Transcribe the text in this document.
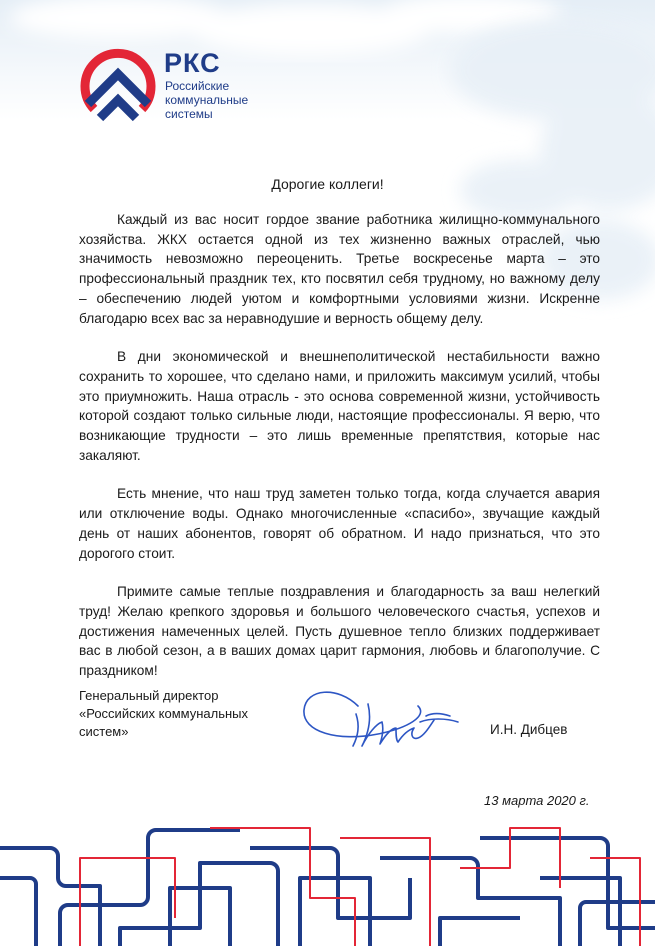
РКС
Российские коммунальные системы
Дорогие коллеги!

Каждый из вас носит гордое звание работника жилищно-коммунального хозяйства. ЖКХ остается одной из тех жизненно важных отраслей, чью значимость невозможно переоценить. Третье воскресенье марта – это профессиональный праздник тех, кто посвятил себя трудному, но важному делу – обеспечению людей уютом и комфортными условиями жизни. Искренне благодарю всех вас за неравнодушие и верность общему делу.

В дни экономической и внешнеполитической нестабильности важно сохранить то хорошее, что сделано нами, и приложить максимум усилий, чтобы это приумножить. Наша отрасль - это основа современной жизни, устойчивость которой создают только сильные люди, настоящие профессионалы. Я верю, что возникающие трудности – это лишь временные препятствия, которые нас закаляют.

Есть мнение, что наш труд заметен только тогда, когда случается авария или отключение воды. Однако многочисленные «спасибо», звучащие каждый день от наших абонентов, говорят об обратном. И надо признаться, что это дорогого стоит.

Примите самые теплые поздравления и благодарность за ваш нелегкий труд! Желаю крепкого здоровья и большого человеческого счастья, успехов и достижения намеченных целей. Пусть душевное тепло близких поддерживает вас в любой сезон, а в ваших домах царит гармония, любовь и благополучие. С праздником!

Генеральный директор
«Российских коммунальных
систем»	И.Н. Дибцев
13 марта 2020 г.
